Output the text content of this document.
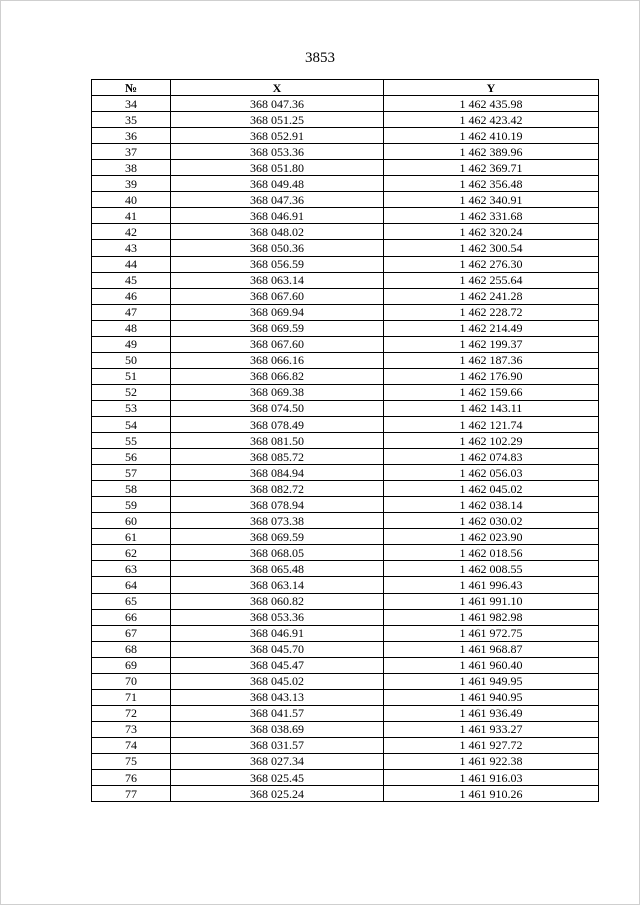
3853
№	X	Y
34	368 047.36	1 462 435.98
35	368 051.25	1 462 423.42
36	368 052.91	1 462 410.19
37	368 053.36	1 462 389.96
38	368 051.80	1 462 369.71
39	368 049.48	1 462 356.48
40	368 047.36	1 462 340.91
41	368 046.91	1 462 331.68
42	368 048.02	1 462 320.24
43	368 050.36	1 462 300.54
44	368 056.59	1 462 276.30
45	368 063.14	1 462 255.64
46	368 067.60	1 462 241.28
47	368 069.94	1 462 228.72
48	368 069.59	1 462 214.49
49	368 067.60	1 462 199.37
50	368 066.16	1 462 187.36
51	368 066.82	1 462 176.90
52	368 069.38	1 462 159.66
53	368 074.50	1 462 143.11
54	368 078.49	1 462 121.74
55	368 081.50	1 462 102.29
56	368 085.72	1 462 074.83
57	368 084.94	1 462 056.03
58	368 082.72	1 462 045.02
59	368 078.94	1 462 038.14
60	368 073.38	1 462 030.02
61	368 069.59	1 462 023.90
62	368 068.05	1 462 018.56
63	368 065.48	1 462 008.55
64	368 063.14	1 461 996.43
65	368 060.82	1 461 991.10
66	368 053.36	1 461 982.98
67	368 046.91	1 461 972.75
68	368 045.70	1 461 968.87
69	368 045.47	1 461 960.40
70	368 045.02	1 461 949.95
71	368 043.13	1 461 940.95
72	368 041.57	1 461 936.49
73	368 038.69	1 461 933.27
74	368 031.57	1 461 927.72
75	368 027.34	1 461 922.38
76	368 025.45	1 461 916.03
77	368 025.24	1 461 910.26
